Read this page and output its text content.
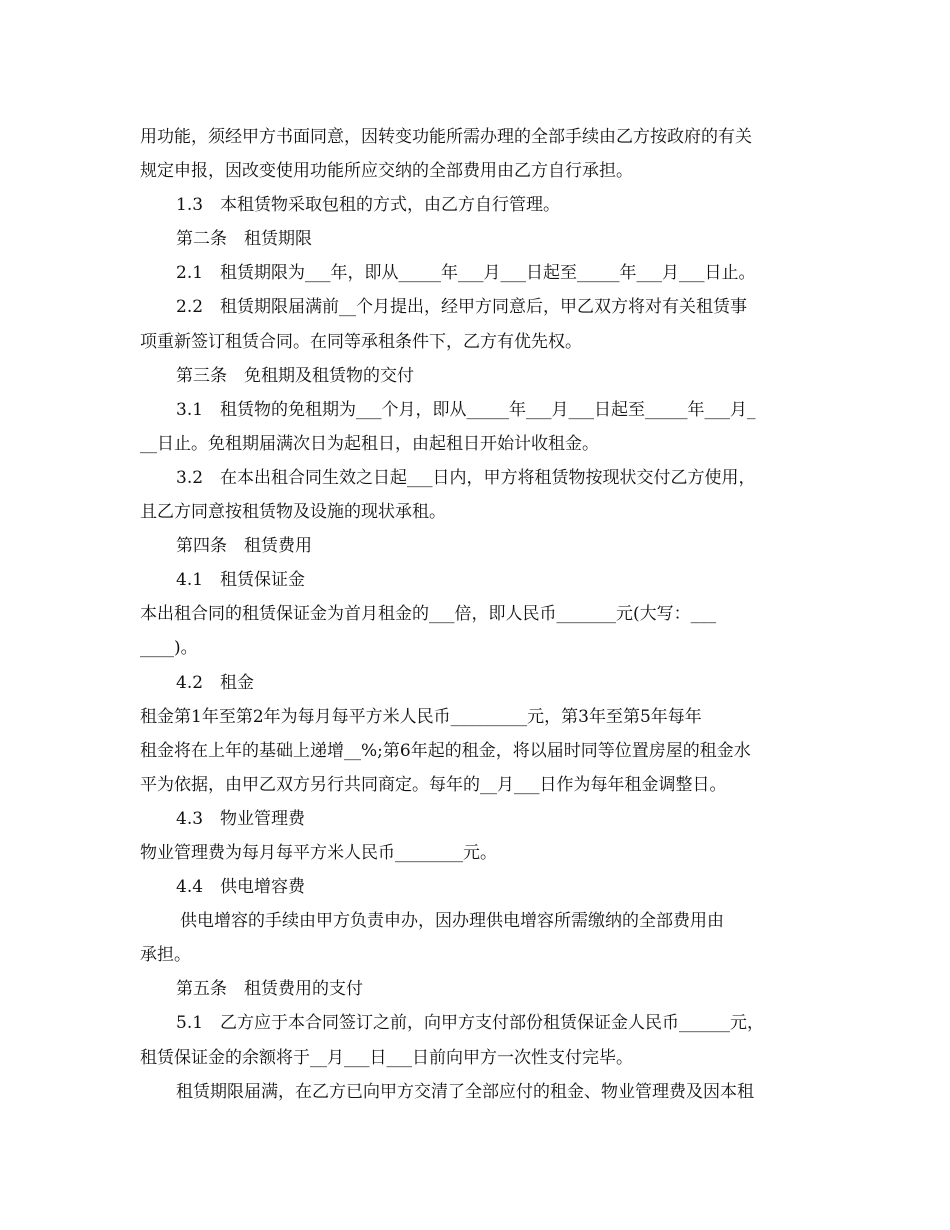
用功能，须经甲方书面同意，因转变功能所需办理的全部手续由乙方按政府的有关
规定申报，因改变使用功能所应交纳的全部费用由乙方自行承担。
1.3　本租赁物采取包租的方式，由乙方自行管理。
第二条　租赁期限
2.1　租赁期限为___年，即从_____年___月___日起至_____年___月___日止。
2.2　租赁期限届满前__个月提出，经甲方同意后，甲乙双方将对有关租赁事
项重新签订租赁合同。在同等承租条件下，乙方有优先权。
第三条　免租期及租赁物的交付
3.1　租赁物的免租期为___个月，即从_____年___月___日起至_____年___月_
__日止。免租期届满次日为起租日，由起租日开始计收租金。
3.2　在本出租合同生效之日起___日内，甲方将租赁物按现状交付乙方使用，
且乙方同意按租赁物及设施的现状承租。
第四条　租赁费用
4.1　租赁保证金
本出租合同的租赁保证金为首月租金的___倍，即人民币_______元(大写：___
____)。
4.2　租金
租金第1年至第2年为每月每平方米人民币_________元，第3年至第5年每年
租金将在上年的基础上递增__%;第6年起的租金，将以届时同等位置房屋的租金水
平为依据，由甲乙双方另行共同商定。每年的__月___日作为每年租金调整日。
4.3　物业管理费
物业管理费为每月每平方米人民币________元。
4.4　供电增容费
供电增容的手续由甲方负责申办，因办理供电增容所需缴纳的全部费用由
承担。
第五条　租赁费用的支付
5.1　乙方应于本合同签订之前，向甲方支付部份租赁保证金人民币______元，
租赁保证金的余额将于__月___日___日前向甲方一次性支付完毕。
租赁期限届满，在乙方已向甲方交清了全部应付的租金、物业管理费及因本租
